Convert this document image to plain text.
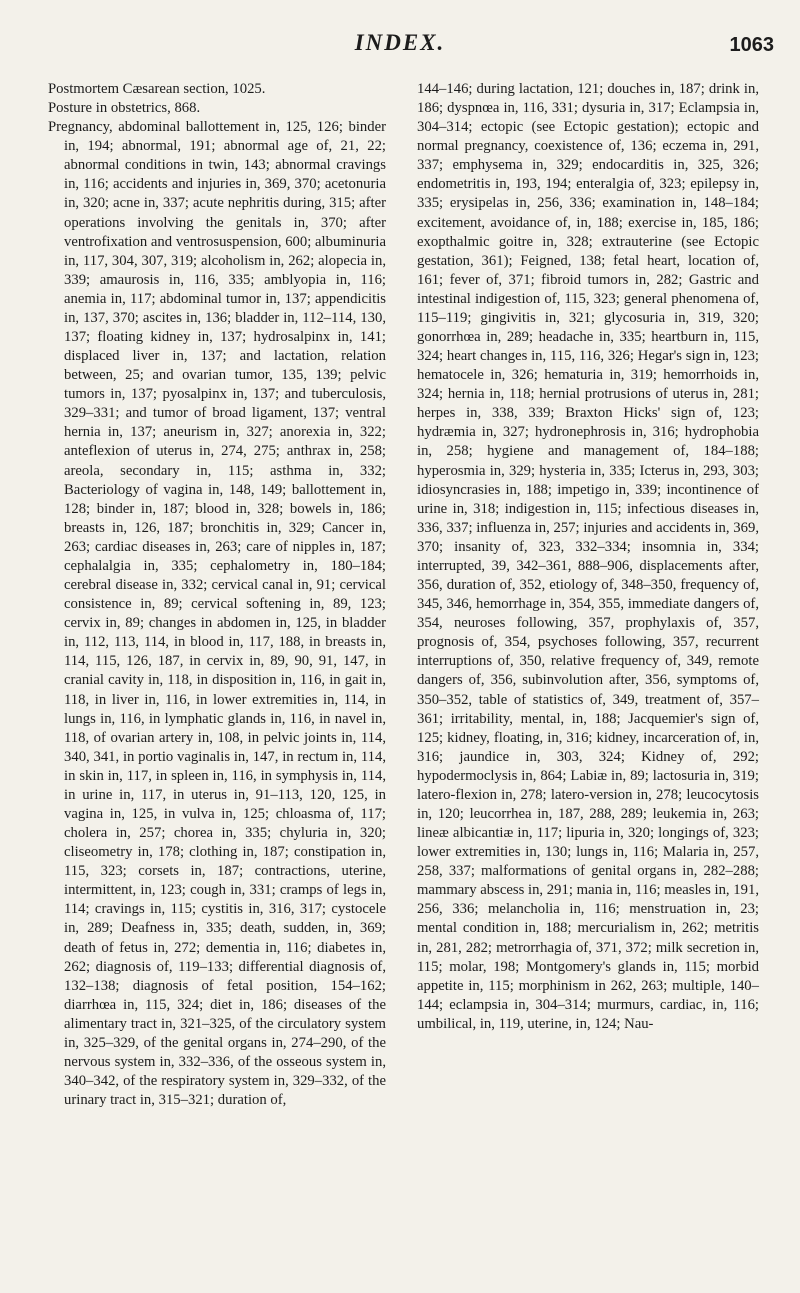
INDEX.	1063

Postmortem Cæsarean section, 1025.

Posture in obstetrics, 868.

Pregnancy, abdominal ballottement in, 125, 126; binder in, 194; abnormal, 191; abnormal age of, 21, 22; abnormal conditions in twin, 143; abnormal cravings in, 116; accidents and injuries in, 369, 370; acetonuria in, 320; acne in, 337; acute nephritis during, 315; after operations involving the genitals in, 370; after ventrofixation and ventrosuspension, 600; albuminuria in, 117, 304, 307, 319; alcoholism in, 262; alopecia in, 339; amaurosis in, 116, 335; amblyopia in, 116; anemia in, 117; abdominal tumor in, 137; appendicitis in, 137, 370; ascites in, 136; bladder in, 112–114, 130, 137; floating kidney in, 137; hydrosalpinx in, 141; displaced liver in, 137; and lactation, relation between, 25; and ovarian tumor, 135, 139; pelvic tumors in, 137; pyosalpinx in, 137; and tuberculosis, 329–331; and tumor of broad ligament, 137; ventral hernia in, 137; aneurism in, 327; anorexia in, 322; anteflexion of uterus in, 274, 275; anthrax in, 258; areola, secondary in, 115; asthma in, 332; Bacteriology of vagina in, 148, 149; ballottement in, 128; binder in, 187; blood in, 328; bowels in, 186; breasts in, 126, 187; bronchitis in, 329; Cancer in, 263; cardiac diseases in, 263; care of nipples in, 187; cephalalgia in, 335; cephalometry in, 180–184; cerebral disease in, 332; cervical canal in, 91; cervical consistence in, 89; cervical softening in, 89, 123; cervix in, 89; changes in abdomen in, 125, in bladder in, 112, 113, 114, in blood in, 117, 188, in breasts in, 114, 115, 126, 187, in cervix in, 89, 90, 91, 147, in cranial cavity in, 118, in disposition in, 116, in gait in, 118, in liver in, 116, in lower extremities in, 114, in lungs in, 116, in lymphatic glands in, 116, in navel in, 118, of ovarian artery in, 108, in pelvic joints in, 114, 340, 341, in portio vaginalis in, 147, in rectum in, 114, in skin in, 117, in spleen in, 116, in symphysis in, 114, in urine in, 117, in uterus in, 91–113, 120, 125, in vagina in, 125, in vulva in, 125; chloasma of, 117; cholera in, 257; chorea in, 335; chyluria in, 320; cliseometry in, 178; clothing in, 187; constipation in, 115, 323; corsets in, 187; contractions, uterine, intermittent, in, 123; cough in, 331; cramps of legs in, 114; cravings in, 115; cystitis in, 316, 317; cystocele in, 289; Deafness in, 335; death, sudden, in, 369; death of fetus in, 272; dementia in, 116; diabetes in, 262; diagnosis of, 119–133; differential diagnosis of, 132–138; diagnosis of fetal position, 154–162; diarrhœa in, 115, 324; diet in, 186; diseases of the alimentary tract in, 321–325, of the circulatory system in, 325–329, of the genital organs in, 274–290, of the nervous system in, 332–336, of the osseous system in, 340–342, of the respiratory system in, 329–332, of the urinary tract in, 315–321; duration of,

144–146; during lactation, 121; douches in, 187; drink in, 186; dyspnœa in, 116, 331; dysuria in, 317; Eclampsia in, 304–314; ectopic (see Ectopic gestation); ectopic and normal pregnancy, coexistence of, 136; eczema in, 291, 337; emphysema in, 329; endocarditis in, 325, 326; endometritis in, 193, 194; enteralgia of, 323; epilepsy in, 335; erysipelas in, 256, 336; examination in, 148–184; excitement, avoidance of, in, 188; exercise in, 185, 186; exopthalmic goitre in, 328; extrauterine (see Ectopic gestation, 361); Feigned, 138; fetal heart, location of, 161; fever of, 371; fibroid tumors in, 282; Gastric and intestinal indigestion of, 115, 323; general phenomena of, 115–119; gingivitis in, 321; glycosuria in, 319, 320; gonorrhœa in, 289; headache in, 335; heartburn in, 115, 324; heart changes in, 115, 116, 326; Hegar's sign in, 123; hematocele in, 326; hematuria in, 319; hemorrhoids in, 324; hernia in, 118; hernial protrusions of uterus in, 281; herpes in, 338, 339; Braxton Hicks' sign of, 123; hydræmia in, 327; hydronephrosis in, 316; hydrophobia in, 258; hygiene and management of, 184–188; hyperosmia in, 329; hysteria in, 335; Icterus in, 293, 303; idiosyncrasies in, 188; impetigo in, 339; incontinence of urine in, 318; indigestion in, 115; infectious diseases in, 336, 337; influenza in, 257; injuries and accidents in, 369, 370; insanity of, 323, 332–334; insomnia in, 334; interrupted, 39, 342–361, 888–906, displacements after, 356, duration of, 352, etiology of, 348–350, frequency of, 345, 346, hemorrhage in, 354, 355, immediate dangers of, 354, neuroses following, 357, prophylaxis of, 357, prognosis of, 354, psychoses following, 357, recurrent interruptions of, 350, relative frequency of, 349, remote dangers of, 356, subinvolution after, 356, symptoms of, 350–352, table of statistics of, 349, treatment of, 357–361; irritability, mental, in, 188; Jacquemier's sign of, 125; kidney, floating, in, 316; kidney, incarceration of, in, 316; jaundice in, 303, 324; Kidney of, 292; hypodermoclysis in, 864; Labiæ in, 89; lactosuria in, 319; latero-flexion in, 278; latero-version in, 278; leucocytosis in, 120; leucorrhea in, 187, 288, 289; leukemia in, 263; lineæ albicantiæ in, 117; lipuria in, 320; longings of, 323; lower extremities in, 130; lungs in, 116; Malaria in, 257, 258, 337; malformations of genital organs in, 282–288; mammary abscess in, 291; mania in, 116; measles in, 191, 256, 336; melancholia in, 116; menstruation in, 23; mental condition in, 188; mercurialism in, 262; metritis in, 281, 282; metrorrhagia of, 371, 372; milk secretion in, 115; molar, 198; Montgomery's glands in, 115; morbid appetite in, 115; morphinism in 262, 263; multiple, 140–144; eclampsia in, 304–314; murmurs, cardiac, in, 116; umbilical, in, 119, uterine, in, 124; Nau-
